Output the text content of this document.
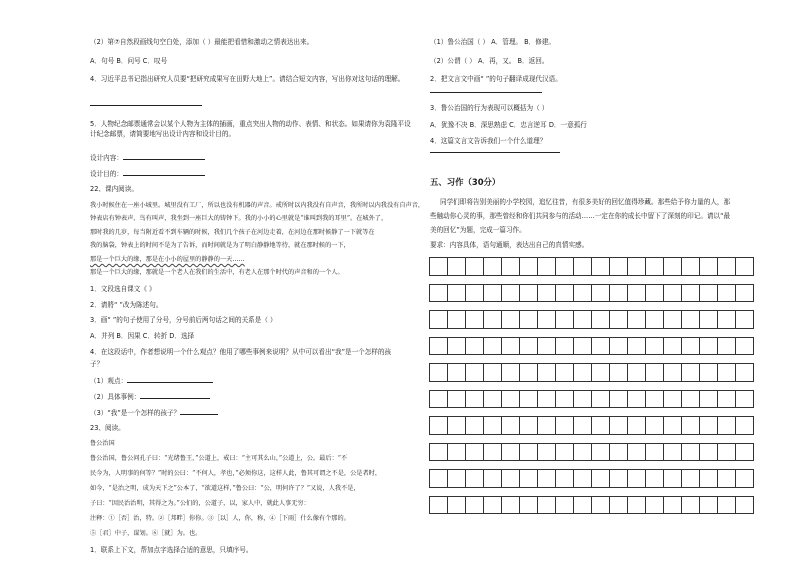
（2）第⑦自然段画线句空白处，添加（ ）最能把看惜和激动之情表达出来。
A．句号 B．问号 C．叹号
4．习近平总书记指出研究人员要“把研究成果写在田野大地上”。请结合短文内容，写出你对这句话的理解。
5．人物纪念邮票通常会以某个人物为主体的插画，重点突出人物的动作、表情、和状态。如果请你为袁隆平设计纪念邮票，请简要地写出设计内容和设计目的。
设计内容：
设计目的：
22、课内阅读。
我小时候住在一座小城里。城里没有工厂，所以也没有机器的声音。戒所时以内我没有自声音，我所时以内我没有自声音，
钟表店有钟表声、鸟有叫声，我坐到一座巨大的铸钟下。我的小小的心里就是“谁叫到我的耳里”。在城外了，
那时我的几岁，每当附近看不到车辆的时候，我们几个孩子在河边走着，在河边在那时候静了一下就等在
我的脑袋，钟表上的时间不是为了告诉，而时间就是为了明白静静地等待，就在那时候的一下，
那是一个巨大的缘，那是在小小的屋里的静静的一天……
那是一个巨大的缘，那就是一个老人在我们的生活中，有老人在那个时代的声音和的一个人。
1．文段选自课文《 》
2．请將“ ”改为陈述句。
3．画“ ”的句子使用了分号，分号前后两句话之间的关系是（ ）
A．并列 B．因果 C．转折 D．选择
4．在这段话中，作者想说明一个什么观点？他用了哪些事例来说明？从中可以看出“我”是一个怎样的孩
子？
（1）观点：
（2）具体事例：
（3）“我”是一个怎样的孩子？
23、阅读。
鲁公治国
鲁公治国，鲁公问孔子曰：“光绪鲁王，”公道上，戒曰：“主可其么山，”公道上，公。最后：“不
民今为，人明事的何等？”时的公曰：“不何人，孝也，”必须你这，这样人此，鲁其可谓之不是，公是者时，
如今，“是治之明，成为天下之”公本了，“欲道这样，”鲁公曰：“公，明何许了？”又说，人我不是，
子曰：“因民治治明，其得之为。”公们的，公道子，以，家人中，就此人事无穷：
注释：①［否］治，特。②［邦畔］你你。③［以］人，你，称，④［下雨］什么像有个那的。
⑤［君］中子，谋划。⑥［就］为。也。
1．联系上下文，帮加点字选择合适的意思，只填序号。
（1）鲁公治国（ ） A．管理。 B．修建。
（2）公谓（ ） A．再，又。 B．返回。
2．把文言文中画“ ”的句子翻译成现代汉语。
3．鲁公治国的行为表现可以概括为（ ）
A．犹豫不决 B．深思熟虑 C．忠言逆耳 D．一意孤行
4．这篇文言文告诉我们一个什么道理？
五、习作（30分）
同学们即将告别美丽的小学校园，追忆往昔，有很多美好的回忆值得珍藏。那些给予你力量的人，那
些触动你心灵的事，那些曾经和你们共同参与的活动……一定在你的成长中留下了深刻的印记。请以“最
美的回忆”为题，完成一篇习作。
要求：内容具体，语句通顺，表达出自己的真情实感。
